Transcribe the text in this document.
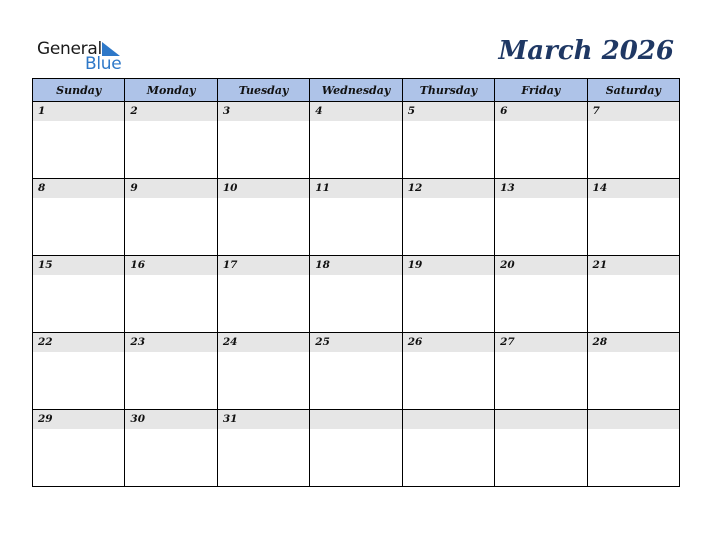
General
Blue	March 2026
Sunday	Monday	Tuesday	Wednesday	Thursday	Friday	Saturday

1	2	3	4	5	6	7

8	9	10	11	12	13	14

15	16	17	18	19	20	21

22	23	24	25	26	27	28

29	30	31				
